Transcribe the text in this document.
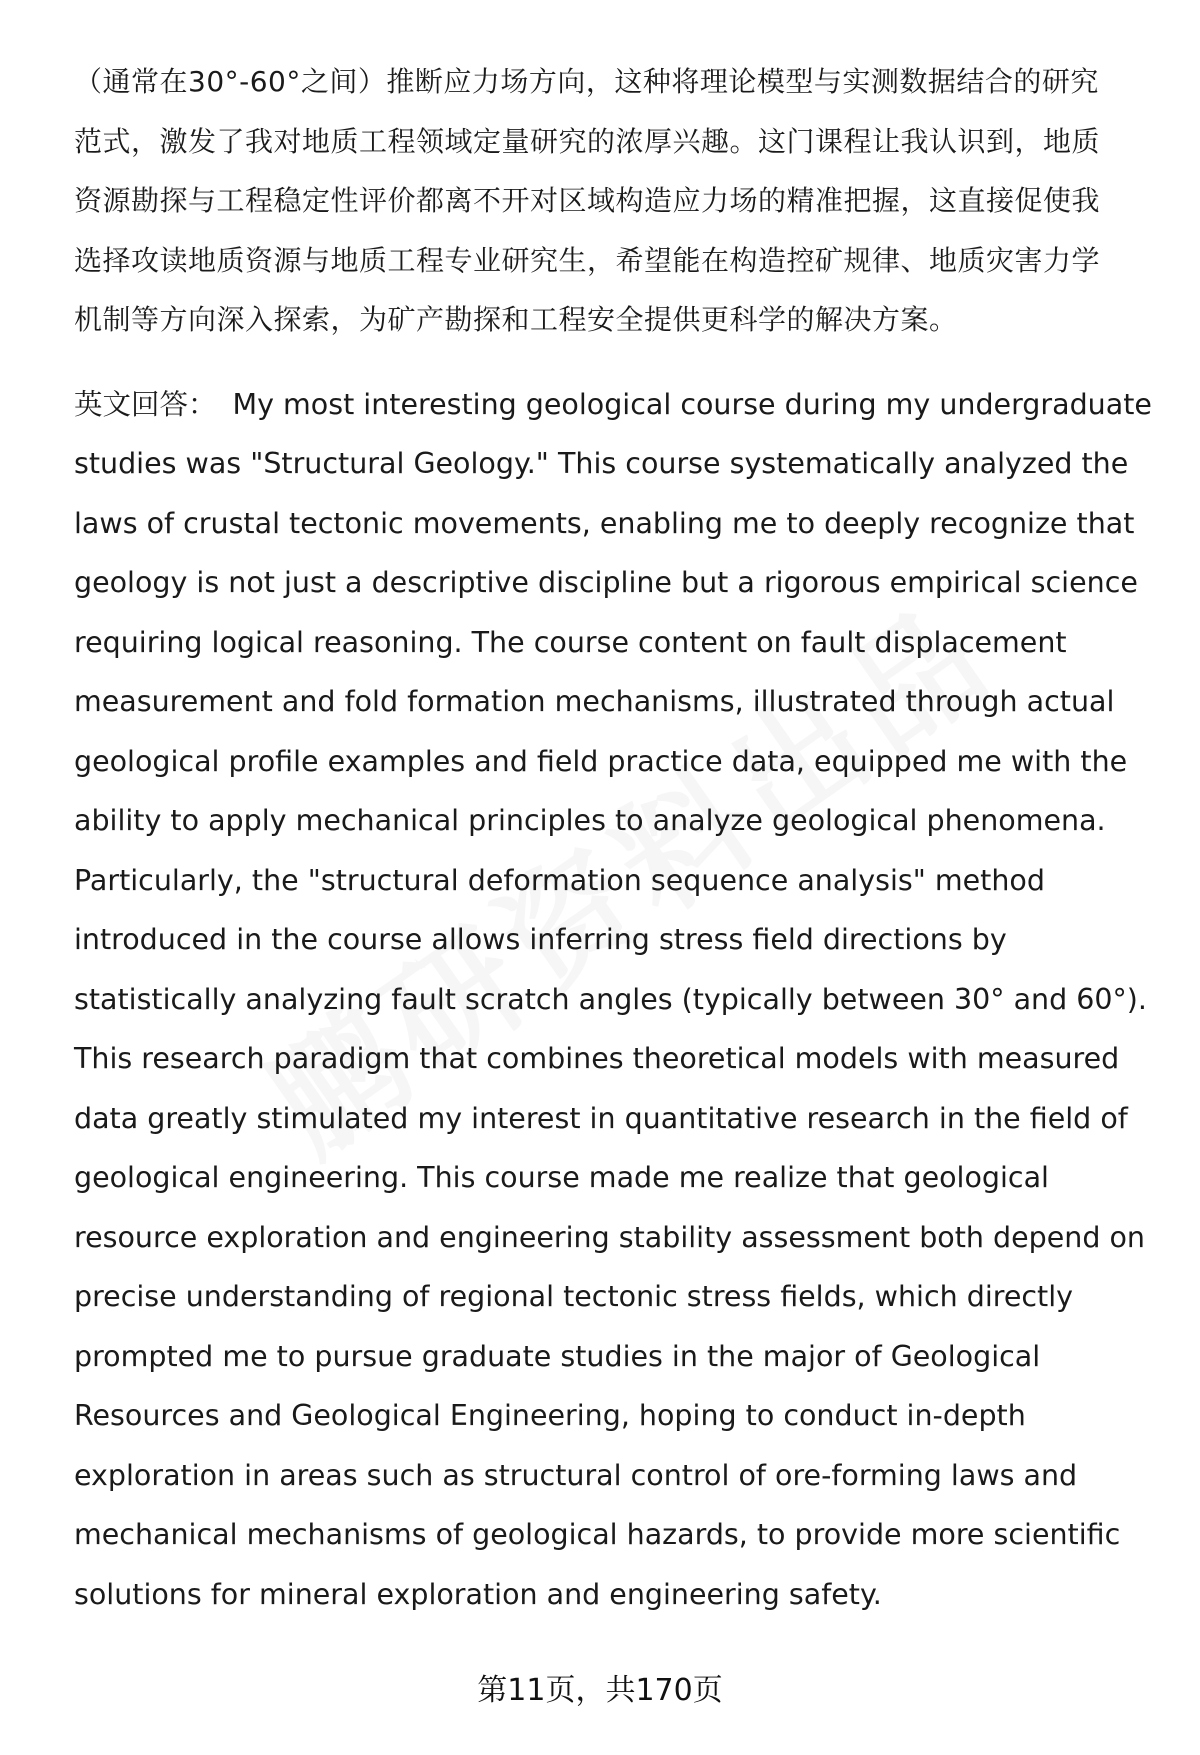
（通常在30°-60°之间）推断应力场方向，这种将理论模型与实测数据结合的研究
范式，激发了我对地质工程领域定量研究的浓厚兴趣。这门课程让我认识到，地质
资源勘探与工程稳定性评价都离不开对区域构造应力场的精准把握，这直接促使我
选择攻读地质资源与地质工程专业研究生，希望能在构造控矿规律、地质灾害力学
机制等方向深入探索，为矿产勘探和工程安全提供更科学的解决方案。
英文回答： My most interesting geological course during my undergraduate
studies was "Structural Geology." This course systematically analyzed the
laws of crustal tectonic movements, enabling me to deeply recognize that
geology is not just a descriptive discipline but a rigorous empirical science
requiring logical reasoning. The course content on fault displacement
measurement and fold formation mechanisms, illustrated through actual
geological profile examples and field practice data, equipped me with the
ability to apply mechanical principles to analyze geological phenomena.
Particularly, the "structural deformation sequence analysis" method
introduced in the course allows inferring stress field directions by
statistically analyzing fault scratch angles (typically between 30° and 60°).
This research paradigm that combines theoretical models with measured
data greatly stimulated my interest in quantitative research in the field of
geological engineering. This course made me realize that geological
resource exploration and engineering stability assessment both depend on
precise understanding of regional tectonic stress fields, which directly
prompted me to pursue graduate studies in the major of Geological
Resources and Geological Engineering, hoping to conduct in-depth
exploration in areas such as structural control of ore-forming laws and
mechanical mechanisms of geological hazards, to provide more scientific
solutions for mineral exploration and engineering safety.
第11页，共170页
